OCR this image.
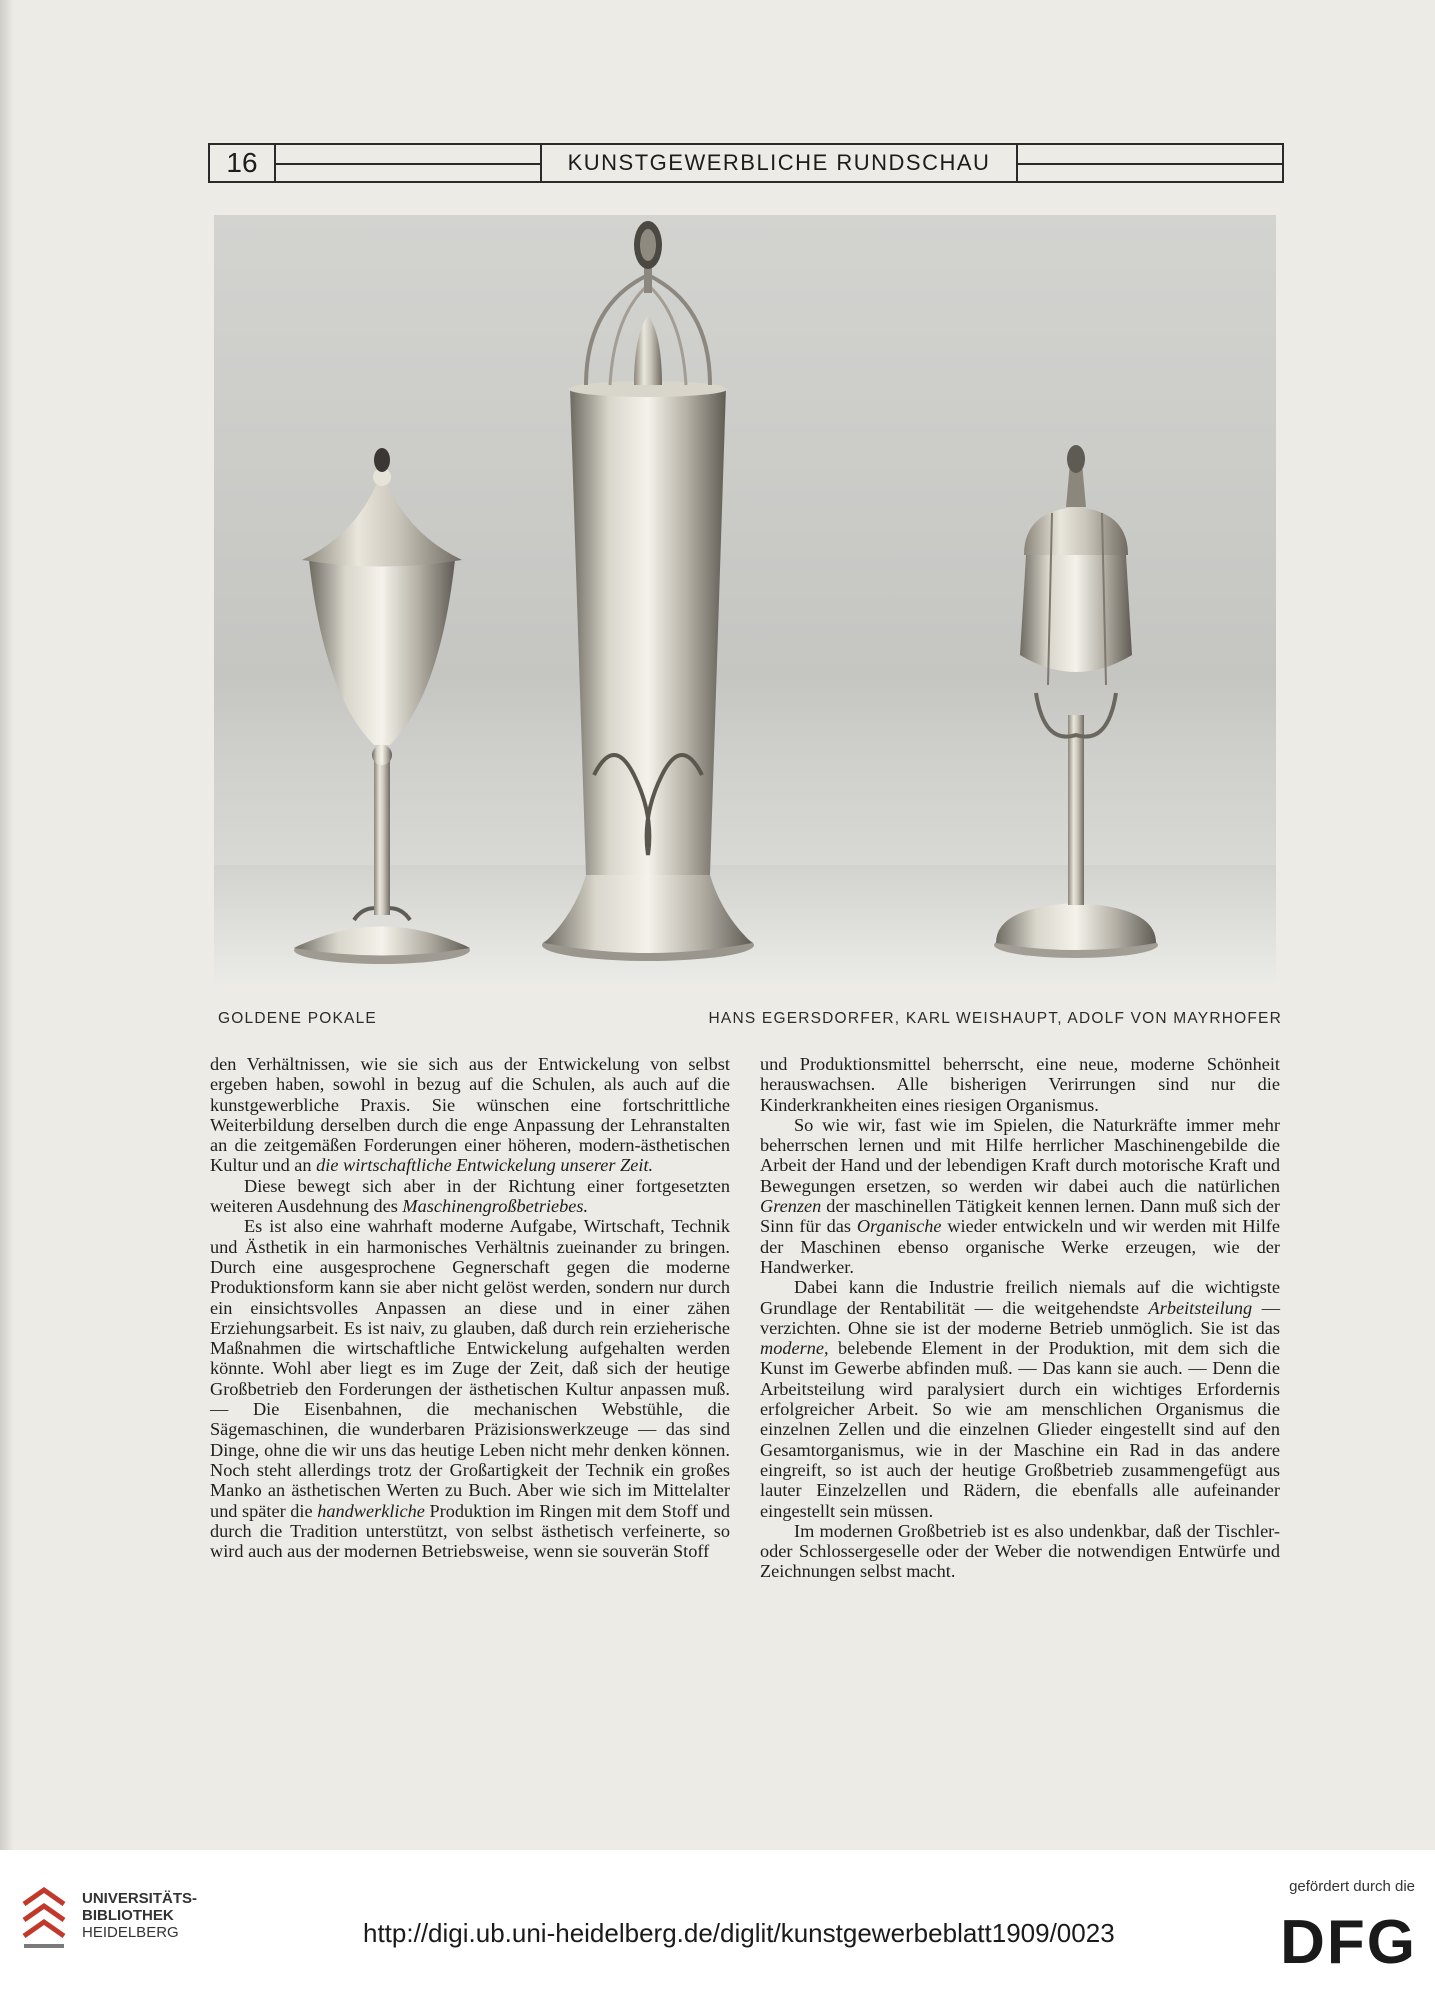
16	KUNSTGEWERBLICHE RUNDSCHAU
GOLDENE POKALE	HANS EGERSDORFER, KARL WEISHAUPT, ADOLF VON MAYRHOFER

den Verhältnissen, wie sie sich aus der Entwickelung von selbst ergeben haben, sowohl in bezug auf die Schulen, als auch auf die kunstgewerbliche Praxis. Sie wünschen eine fortschrittliche Weiterbildung derselben durch die enge Anpassung der Lehranstalten an die zeitgemäßen Forderungen einer höheren, modern-ästhetischen Kultur und an die wirtschaftliche Entwickelung unserer Zeit.

Diese bewegt sich aber in der Richtung einer fortgesetzten weiteren Ausdehnung des Maschinengroßbetriebes.

Es ist also eine wahrhaft moderne Aufgabe, Wirtschaft, Technik und Ästhetik in ein harmonisches Verhältnis zueinander zu bringen. Durch eine ausgesprochene Gegnerschaft gegen die moderne Produktionsform kann sie aber nicht gelöst werden, sondern nur durch ein einsichtsvolles Anpassen an diese und in einer zähen Erziehungsarbeit. Es ist naiv, zu glauben, daß durch rein erzieherische Maßnahmen die wirtschaftliche Entwickelung aufgehalten werden könnte. Wohl aber liegt es im Zuge der Zeit, daß sich der heutige Großbetrieb den Forderungen der ästhetischen Kultur anpassen muß. — Die Eisenbahnen, die mechanischen Webstühle, die Sägemaschinen, die wunderbaren Präzisionswerkzeuge — das sind Dinge, ohne die wir uns das heutige Leben nicht mehr denken können. Noch steht allerdings trotz der Großartigkeit der Technik ein großes Manko an ästhetischen Werten zu Buch. Aber wie sich im Mittelalter und später die handwerkliche Produktion im Ringen mit dem Stoff und durch die Tradition unterstützt, von selbst ästhetisch verfeinerte, so wird auch aus der modernen Betriebsweise, wenn sie souverän Stoff

und Produktionsmittel beherrscht, eine neue, moderne Schönheit herauswachsen. Alle bisherigen Verirrungen sind nur die Kinderkrankheiten eines riesigen Organismus.

So wie wir, fast wie im Spielen, die Naturkräfte immer mehr beherrschen lernen und mit Hilfe herrlicher Maschinengebilde die Arbeit der Hand und der lebendigen Kraft durch motorische Kraft und Bewegungen ersetzen, so werden wir dabei auch die natürlichen Grenzen der maschinellen Tätigkeit kennen lernen. Dann muß sich der Sinn für das Organische wieder entwickeln und wir werden mit Hilfe der Maschinen ebenso organische Werke erzeugen, wie der Handwerker.

Dabei kann die Industrie freilich niemals auf die wichtigste Grundlage der Rentabilität — die weitgehendste Arbeitsteilung — verzichten. Ohne sie ist der moderne Betrieb unmöglich. Sie ist das moderne, belebende Element in der Produktion, mit dem sich die Kunst im Gewerbe abfinden muß. — Das kann sie auch. — Denn die Arbeitsteilung wird paralysiert durch ein wichtiges Erfordernis erfolgreicher Arbeit. So wie am menschlichen Organismus die einzelnen Zellen und die einzelnen Glieder eingestellt sind auf den Gesamtorganismus, wie in der Maschine ein Rad in das andere eingreift, so ist auch der heutige Großbetrieb zusammengefügt aus lauter Einzelzellen und Rädern, die ebenfalls alle aufeinander eingestellt sein müssen.

Im modernen Großbetrieb ist es also undenkbar, daß der Tischler- oder Schlossergeselle oder der Weber die notwendigen Entwürfe und Zeichnungen selbst macht.

UNIVERSITÄTS-
BIBLIOTHEK
HEIDELBERG	http://digi.ub.uni-heidelberg.de/diglit/kunstgewerbeblatt1909/0023
gefördert durch die
DFG
